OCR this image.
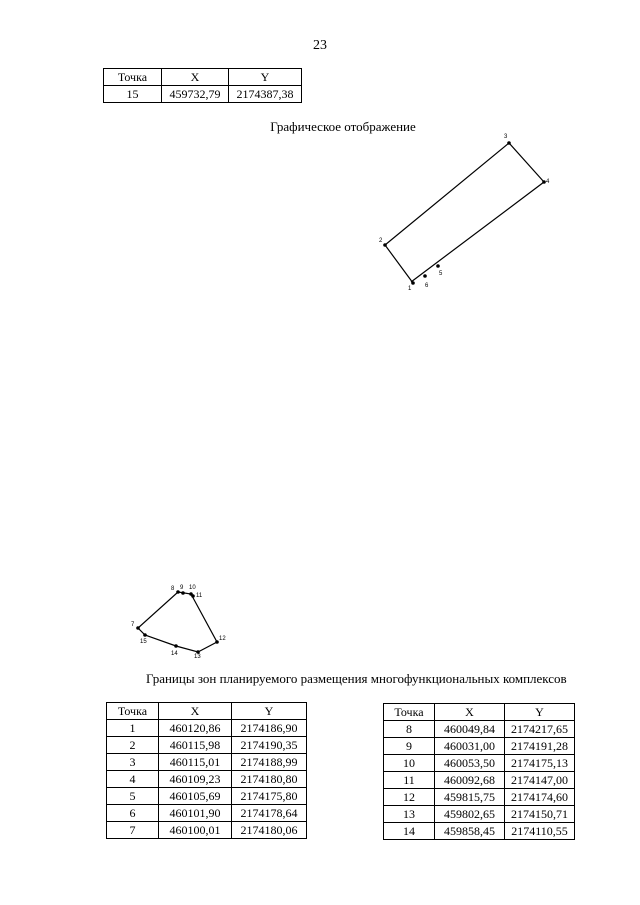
23
Точка	X	Y
15	459732,79	2174387,38
Графическое отображение
1
2
3
4
5
6
7
8 9 10
11
12
13
14
15
Границы зон планируемого размещения многофункциональных комплексов
Точка	X	Y
1	460120,86	2174186,90
2	460115,98	2174190,35
3	460115,01	2174188,99
4	460109,23	2174180,80
5	460105,69	2174175,80
6	460101,90	2174178,64
7	460100,01	2174180,06
Точка	X	Y
8	460049,84	2174217,65
9	460031,00	2174191,28
10	460053,50	2174175,13
11	460092,68	2174147,00
12	459815,75	2174174,60
13	459802,65	2174150,71
14	459858,45	2174110,55
